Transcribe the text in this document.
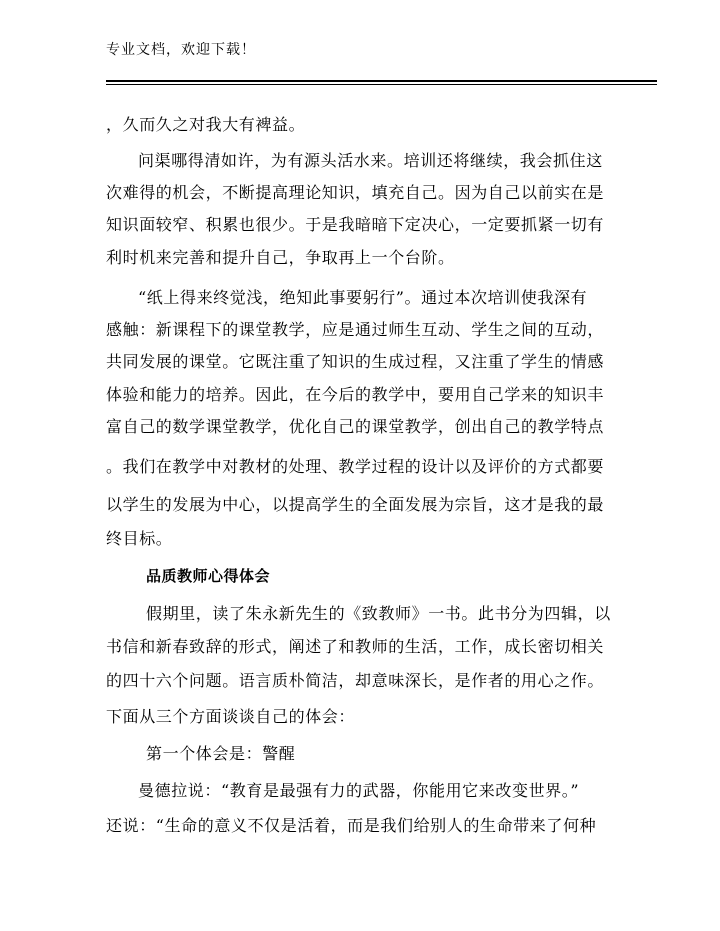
专业文档，欢迎下载！
，久而久之对我大有裨益。
问渠哪得清如许，为有源头活水来。培训还将继续，我会抓住这
次难得的机会，不断提高理论知识，填充自己。因为自己以前实在是
知识面较窄、积累也很少。于是我暗暗下定决心，一定要抓紧一切有
利时机来完善和提升自己，争取再上一个台阶。
“纸上得来终觉浅，绝知此事要躬行”。通过本次培训使我深有
感触：新课程下的课堂教学，应是通过师生互动、学生之间的互动，
共同发展的课堂。它既注重了知识的生成过程，又注重了学生的情感
体验和能力的培养。因此，在今后的教学中，要用自己学来的知识丰
富自己的数学课堂教学，优化自己的课堂教学，创出自己的教学特点
。我们在教学中对教材的处理、教学过程的设计以及评价的方式都要
以学生的发展为中心，以提高学生的全面发展为宗旨，这才是我的最
终目标。
品质教师心得体会
假期里，读了朱永新先生的《致教师》一书。此书分为四辑，以
书信和新春致辞的形式，阐述了和教师的生活，工作，成长密切相关
的四十六个问题。语言质朴简洁，却意味深长，是作者的用心之作。
下面从三个方面谈谈自己的体会：
第一个体会是：警醒
曼德拉说：“教育是最强有力的武器，你能用它来改变世界。”
还说：“生命的意义不仅是活着，而是我们给别人的生命带来了何种
